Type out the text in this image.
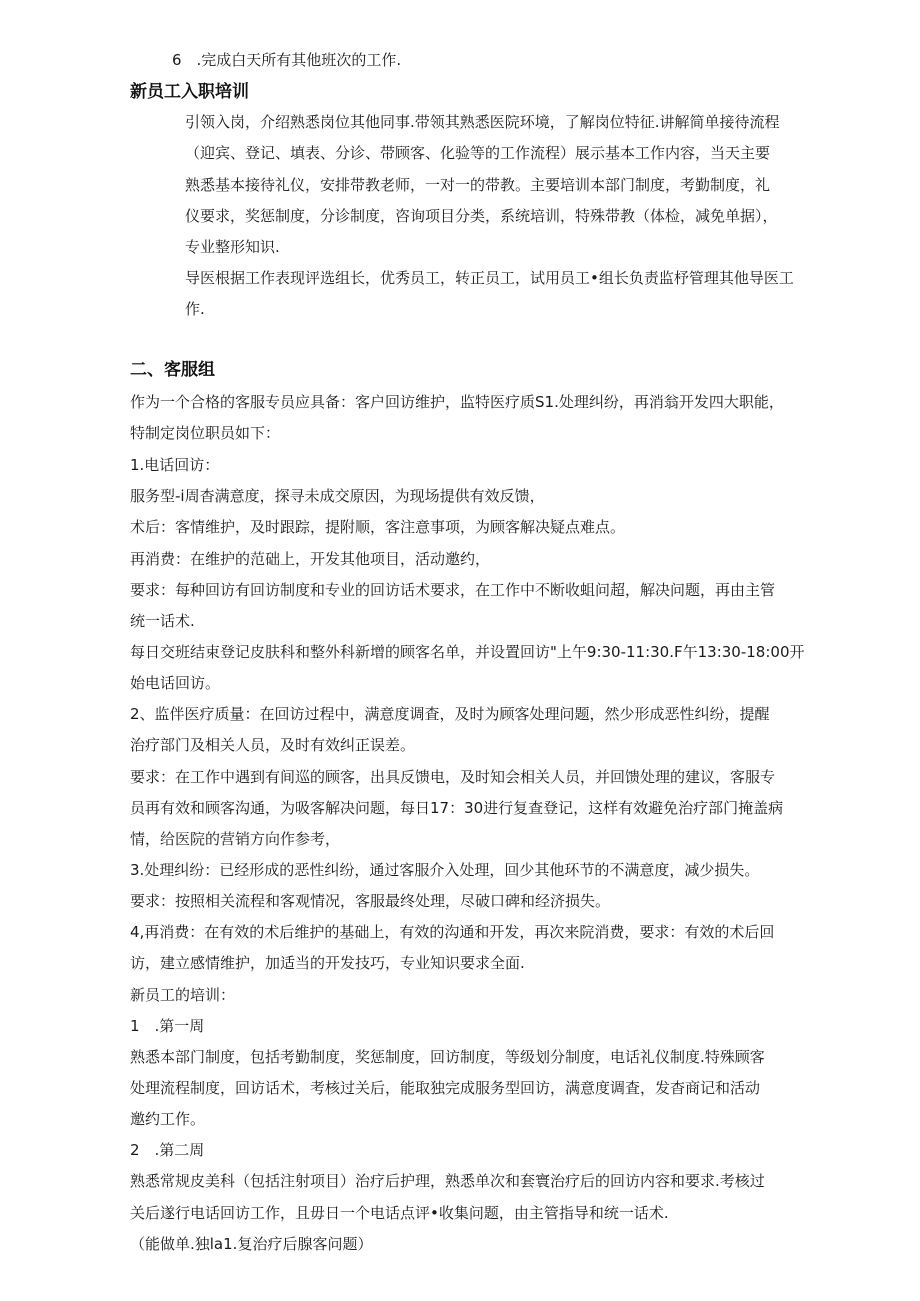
6　.完成白天所有其他班次的工作.
新员工入职培训
引领入岗，介绍熟悉岗位其他同事.带领其熟悉医院环境，了解岗位特征.讲解简单接待流程
（迎宾、登记、填表、分诊、带顾客、化验等的工作流程）展示基本工作内容，当天主要
熟悉基本接待礼仪，安排带教老师，一对一的带教。主要培训本部门制度，考勤制度，礼
仪要求，奖惩制度，分诊制度，咨询项目分类，系统培训，特殊带教（体检，减免单据），
专业整形知识.
导医根据工作表现评选组长，优秀员工，转正员工，试用员工•组长负责监杼管理其他导医工
作.
二、客服组
作为一个合格的客服专员应具备：客户回访维护，监特医疗质S1.处理纠纷，再消翁开发四大职能，
特制定岗位职员如下：
1.电话回访：
服务型-i周杳满意度，探寻未成交原因，为现场提供有效反馈，
术后：客情维护，及时跟踪，提附顺，客注意事项，为顾客解决疑点难点。
再消费：在维护的范础上，开发其他项目，活动邀约，
要求：每种回访有回访制度和专业的回访话术要求，在工作中不断收蛆问超，解决问题，再由主管
统一话术.
每日交班结束登记皮肤科和整外科新增的顾客名单，并设置回访"上午9:30-11:30.F午13:30-18:00开
始电话回访。
2、监伴医疗质量：在回访过程中，满意度调査，及时为顾客处理问题，然少形成恶性纠纷，提醒
治疗部门及相关人员，及时有效纠正误差。
要求：在工作中遇到有间巡的顾客，出具反馈电，及时知会相关人员，并回馈处理的建议，客服专
员再有效和顾客沟通，为吸客解决问题，每日17：30进行复查登记，这样有效避免治疗部门掩盖病
情，给医院的营销方向作参考，
3.处理纠纷：已经形成的恶性纠纷，通过客服介入处理，回少其他环节的不满意度，减少损失。
要求：按照相关流程和客观情况，客服最终处理，尽破口碑和经济损失。
4,再消费：在有效的术后维护的基础上，有效的沟通和开发，再次来院消费，要求：有效的术后回
访，建立感情维护，加适当的开发技巧，专业知识要求全面.
新员工的培训：
1　.第一周
熟悉本部门制度，包括考勤制度，奖惩制度，回访制度，等级划分制度，电话礼仪制度.特殊顾客
处理流程制度，回访话术，考核过关后，能取独完成服务型回访，满意度调査，发杳商记和活动
邀约工作。
2　.第二周
熟悉常规皮美科（包括注射项目）治疗后护理，熟悉单次和套寰治疗后的回访内容和要求.考核过
关后遂行电话回访工作，且毋日一个电话点评•收集问题，由主管指导和统一话术.
（能做单.独la1.复治疗后腺客问题）
